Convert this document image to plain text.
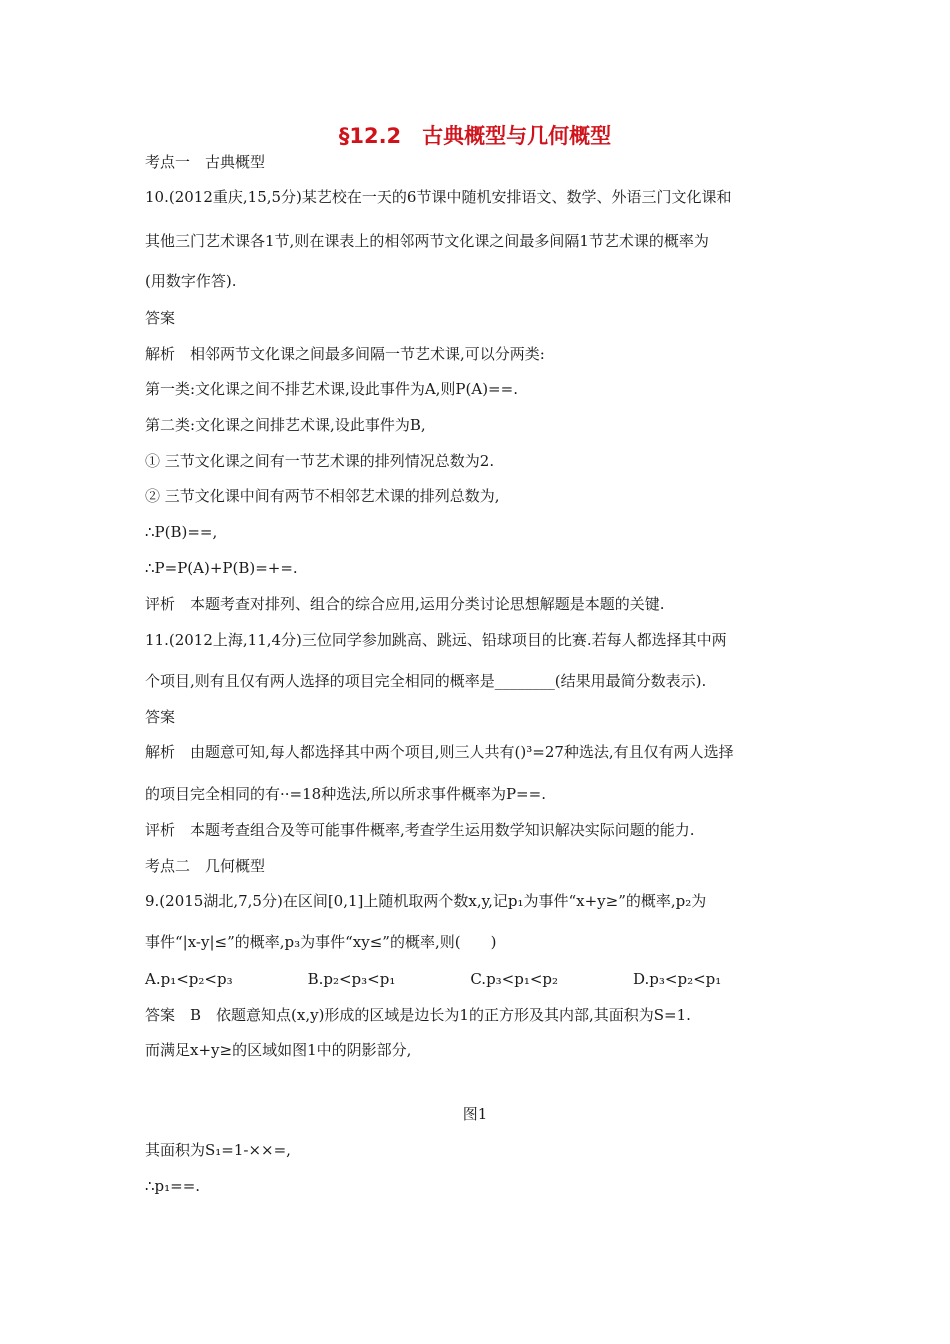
§12.2　古典概型与几何概型
考点一　古典概型
10.(2012重庆,15,5分)某艺校在一天的6节课中随机安排语文、数学、外语三门文化课和
其他三门艺术课各1节,则在课表上的相邻两节文化课之间最多间隔1节艺术课的概率为
(用数字作答).
答案
解析　相邻两节文化课之间最多间隔一节艺术课,可以分两类:
第一类:文化课之间不排艺术课,设此事件为A,则P(A)==.
第二类:文化课之间排艺术课,设此事件为B,
① 三节文化课之间有一节艺术课的排列情况总数为2.
② 三节文化课中间有两节不相邻艺术课的排列总数为,
∴P(B)==,
∴P=P(A)+P(B)=+=.
评析　本题考查对排列、组合的综合应用,运用分类讨论思想解题是本题的关键.
11.(2012上海,11,4分)三位同学参加跳高、跳远、铅球项目的比赛.若每人都选择其中两
个项目,则有且仅有两人选择的项目完全相同的概率是________(结果用最简分数表示).
答案
解析　由题意可知,每人都选择其中两个项目,则三人共有()³=27种选法,有且仅有两人选择
的项目完全相同的有··=18种选法,所以所求事件概率为P==.
评析　本题考查组合及等可能事件概率,考查学生运用数学知识解决实际问题的能力.
考点二　几何概型
9.(2015湖北,7,5分)在区间[0,1]上随机取两个数x,y,记p₁为事件“x+y≥”的概率,p₂为
事件“|x-y|≤”的概率,p₃为事件“xy≤”的概率,则(　　)
A.p₁<p₂<p₃　　　　　B.p₂<p₃<p₁　　　　　C.p₃<p₁<p₂　　　　　D.p₃<p₂<p₁
答案　B　依题意知点(x,y)形成的区域是边长为1的正方形及其内部,其面积为S=1.
而满足x+y≥的区域如图1中的阴影部分,
图1
其面积为S₁=1-××=,
∴p₁==.
